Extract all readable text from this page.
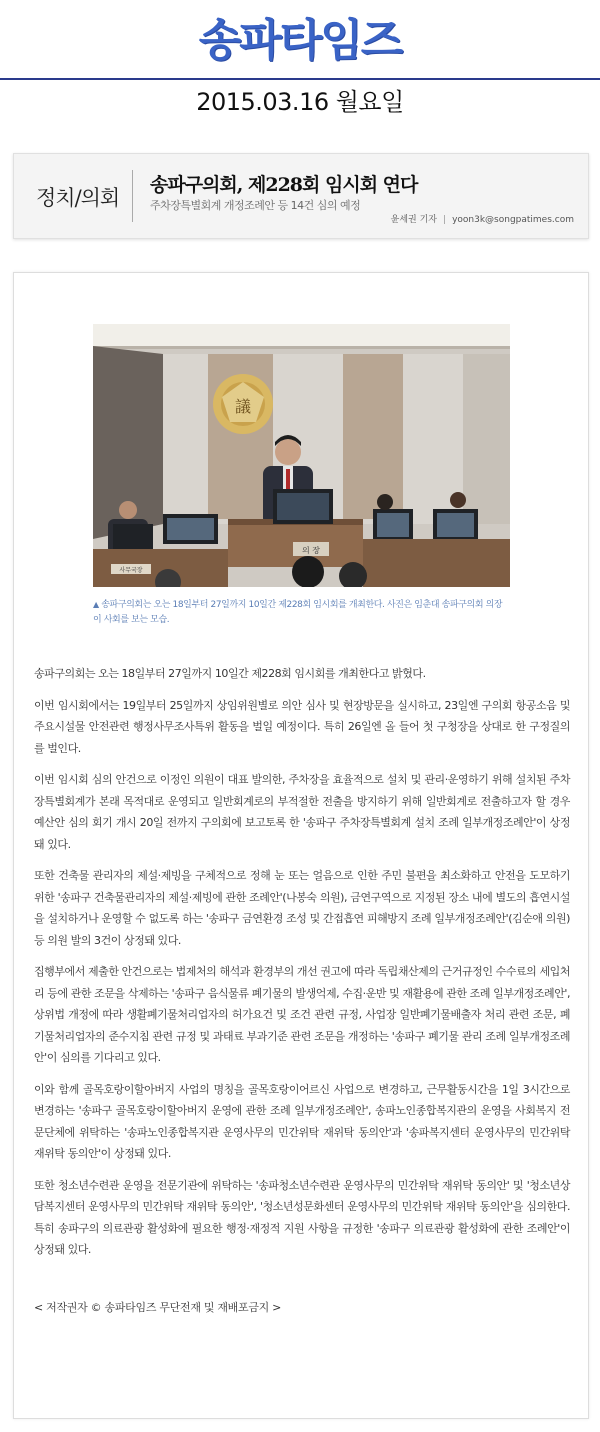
송파타임즈
2015.03.16 월요일
정치/의회
송파구의회, 제228회 임시회 연다
주차장특별회계 개정조례안 등 14건 심의 예정
윤세권 기자 | yoon3k@songpatimes.com
議
의 장
사무국장
▲ 송파구의회는 오는 18일부터 27일까지 10일간 제228회 임시회를 개최한다. 사진은 임춘대 송파구의회 의장이 사회를 보는 모습.

송파구의회는 오는 18일부터 27일까지 10일간 제228회 임시회를 개최한다고 밝혔다.

이번 임시회에서는 19일부터 25일까지 상임위원별로 의안 심사 및 현장방문을 실시하고, 23일엔 구의회 항공소음 및 주요시설물 안전관련 행정사무조사특위 활동을 벌일 예정이다. 특히 26일엔 올 들어 첫 구청장을 상대로 한 구정질의를 벌인다.

이번 임시회 심의 안건으로 이정인 의원이 대표 발의한, 주차장을 효율적으로 설치 및 관리·운영하기 위해 설치된 주차장특별회계가 본래 목적대로 운영되고 일반회계로의 부적절한 전출을 방지하기 위해 일반회계로 전출하고자 할 경우 예산안 심의 회기 개시 20일 전까지 구의회에 보고토록 한 '송파구 주차장특별회계 설치 조례 일부개정조례안'이 상정돼 있다.

또한 건축물 관리자의 제설·제빙을 구체적으로 정해 눈 또는 얼음으로 인한 주민 불편을 최소화하고 안전을 도모하기 위한 '송파구 건축물관리자의 제설·제빙에 관한 조례안'(나봉숙 의원), 금연구역으로 지정된 장소 내에 별도의 흡연시설을 설치하거나 운영할 수 없도록 하는 '송파구 금연환경 조성 및 간접흡연 피해방지 조례 일부개정조례안'(김순애 의원) 등 의원 발의 3건이 상정돼 있다.

집행부에서 제출한 안건으로는 법제처의 해석과 환경부의 개선 권고에 따라 독립채산제의 근거규정인 수수료의 세입처리 등에 관한 조문을 삭제하는 '송파구 음식물류 폐기물의 발생억제, 수집·운반 및 재활용에 관한 조례 일부개정조례안', 상위법 개정에 따라 생활폐기물처리업자의 허가요건 및 조건 관련 규정, 사업장 일반폐기물배출자 처리 관련 조문, 폐기물처리업자의 준수지침 관련 규정 및 과태료 부과기준 관련 조문을 개정하는 '송파구 폐기물 관리 조례 일부개정조례안'이 심의를 기다리고 있다.

이와 함께 골목호랑이할아버지 사업의 명칭을 골목호랑이어르신 사업으로 변경하고, 근무활동시간을 1일 3시간으로 변경하는 '송파구 골목호랑이할아버지 운영에 관한 조례 일부개정조례안', 송파노인종합복지관의 운영을 사회복지 전문단체에 위탁하는 '송파노인종합복지관 운영사무의 민간위탁 재위탁 동의안'과 '송파복지센터 운영사무의 민간위탁 재위탁 동의안'이 상정돼 있다.

또한 청소년수련관 운영을 전문기관에 위탁하는 '송파청소년수련관 운영사무의 민간위탁 재위탁 동의안' 및 '청소년상담복지센터 운영사무의 민간위탁 재위탁 동의안', '청소년성문화센터 운영사무의 민간위탁 재위탁 동의안'을 심의한다. 특히 송파구의 의료관광 활성화에 필요한 행정·재정적 지원 사항을 규정한 '송파구 의료관광 활성화에 관한 조례안'이 상정돼 있다.

< 저작권자 © 송파타임즈 무단전재 및 재배포금지 >
